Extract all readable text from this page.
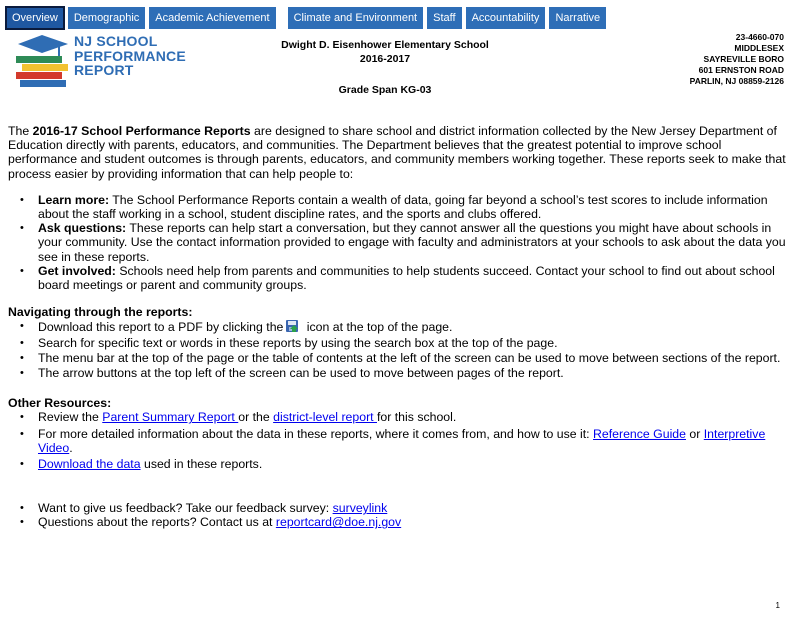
Overview	Demographic	Academic Achievement	Climate and Environment	Staff	Accountability	Narrative
NJ SCHOOL
PERFORMANCE
REPORT
Dwight D. Eisenhower Elementary School
2016-2017
Grade Span KG-03
23-4660-070
MIDDLESEX
SAYREVILLE BORO
601 ERNSTON ROAD
PARLIN, NJ 08859-2126

The 2016-17 School Performance Reports are designed to share school and district information collected by the New Jersey Department of Education directly with parents, educators, and communities. The Department believes that the greatest potential to improve school performance and student outcomes is through parents, educators, and community members working together. These reports seek to make that process easier by providing information that can help people to:

• Learn more: The School Performance Reports contain a wealth of data, going far beyond a school’s test scores to include information about the staff working in a school, student discipline rates, and the sports and clubs offered.
• Ask questions: These reports can help start a conversation, but they cannot answer all the questions you might have about schools in your community. Use the contact information provided to engage with faculty and administrators at your schools to ask about the data you see in these reports.
• Get involved: Schools need help from parents and communities to help students succeed. Contact your school to find out about school board meetings or parent and community groups.
Navigating through the reports:
• Download this report to a PDF by clicking the icon at the top of the page.
• Search for specific text or words in these reports by using the search box at the top of the page.
• The menu bar at the top of the page or the table of contents at the left of the screen can be used to move between sections of the report.
• The arrow buttons at the top left of the screen can be used to move between pages of the report.
Other Resources:
• Review the Parent Summary Report or the district-level report for this school.
• For more detailed information about the data in these reports, where it comes from, and how to use it: Reference Guide or Interpretive Video.
• Download the data used in these reports.
• Want to give us feedback? Take our feedback survey: surveylink
• Questions about the reports? Contact us at reportcard@doe.nj.gov
1
